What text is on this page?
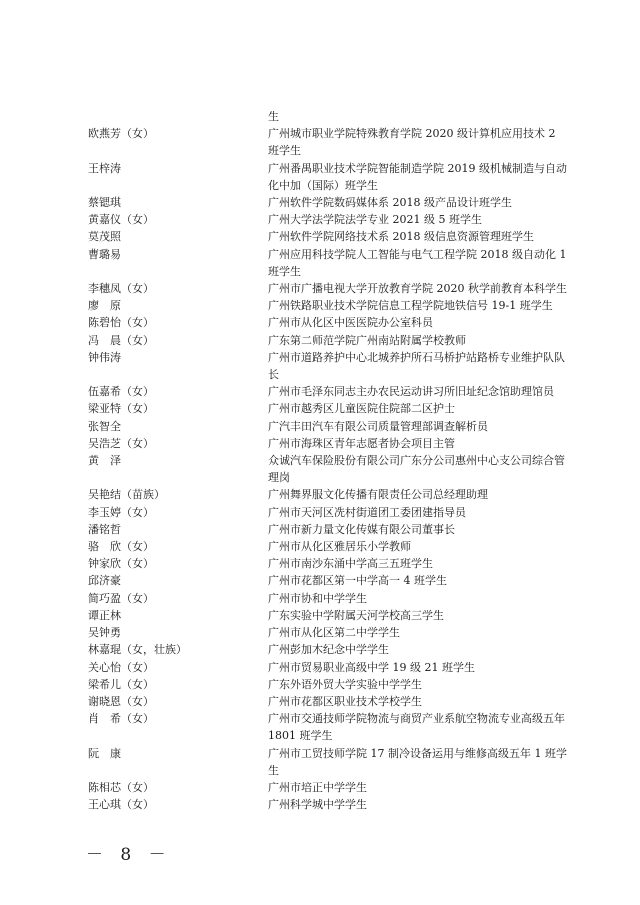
生
欧燕芳（女）	广州城市职业学院特殊教育学院 2020 级计算机应用技术 2 班学生
王梓涛	广州番禺职业技术学院智能制造学院 2019 级机械制造与自动化中加（国际）班学生
蔡锶琪	广州软件学院数码媒体系 2018 级产品设计班学生
黄嘉仪（女）	广州大学法学院法学专业 2021 级 5 班学生
莫茂照	广州软件学院网络技术系 2018 级信息资源管理班学生
曹璐易	广州应用科技学院人工智能与电气工程学院 2018 级自动化 1 班学生
李穗凤（女）	广州市广播电视大学开放教育学院 2020 秋学前教育本科学生
廖　原	广州铁路职业技术学院信息工程学院地铁信号 19-1 班学生
陈碧怡（女）	广州市从化区中医医院办公室科员
冯　晨（女）	广东第二师范学院广州南站附属学校教师
钟伟涛	广州市道路养护中心北城养护所石马桥护站路桥专业维护队队长
伍嘉希（女）	广州市毛泽东同志主办农民运动讲习所旧址纪念馆助理馆员
梁亚特（女）	广州市越秀区儿童医院住院部二区护士
张智全	广汽丰田汽车有限公司质量管理部调查解析员
吴浩芝（女）	广州市海珠区青年志愿者协会项目主管
黄　泽	众诚汽车保险股份有限公司广东分公司惠州中心支公司综合管理岗
吴艳结（苗族）	广州舞界服文化传播有限责任公司总经理助理
李玉婷（女）	广州市天河区冼村街道团工委团建指导员
潘铭哲	广州市新力量文化传媒有限公司董事长
骆　欣（女）	广州市从化区雅居乐小学教师
钟家欣（女）	广州市南沙东涌中学高三五班学生
邱济豪	广州市花都区第一中学高一 4 班学生
简巧盈（女）	广州市协和中学学生
谭正林	广东实验中学附属天河学校高三学生
吴钟勇	广州市从化区第二中学学生
林嘉琨（女，壮族）	广州彭加木纪念中学学生
关心怡（女）	广州市贸易职业高级中学 19 级 21 班学生
梁希儿（女）	广东外语外贸大学实验中学学生
谢晓恩（女）	广州市花都区职业技术学校学生
肖　希（女）	广州市交通技师学院物流与商贸产业系航空物流专业高级五年 1801 班学生
阮　康	广州市工贸技师学院 17 制冷设备运用与维修高级五年 1 班学生
陈相芯（女）	广州市培正中学学生
王心琪（女）	广州科学城中学学生
－ 8 －
